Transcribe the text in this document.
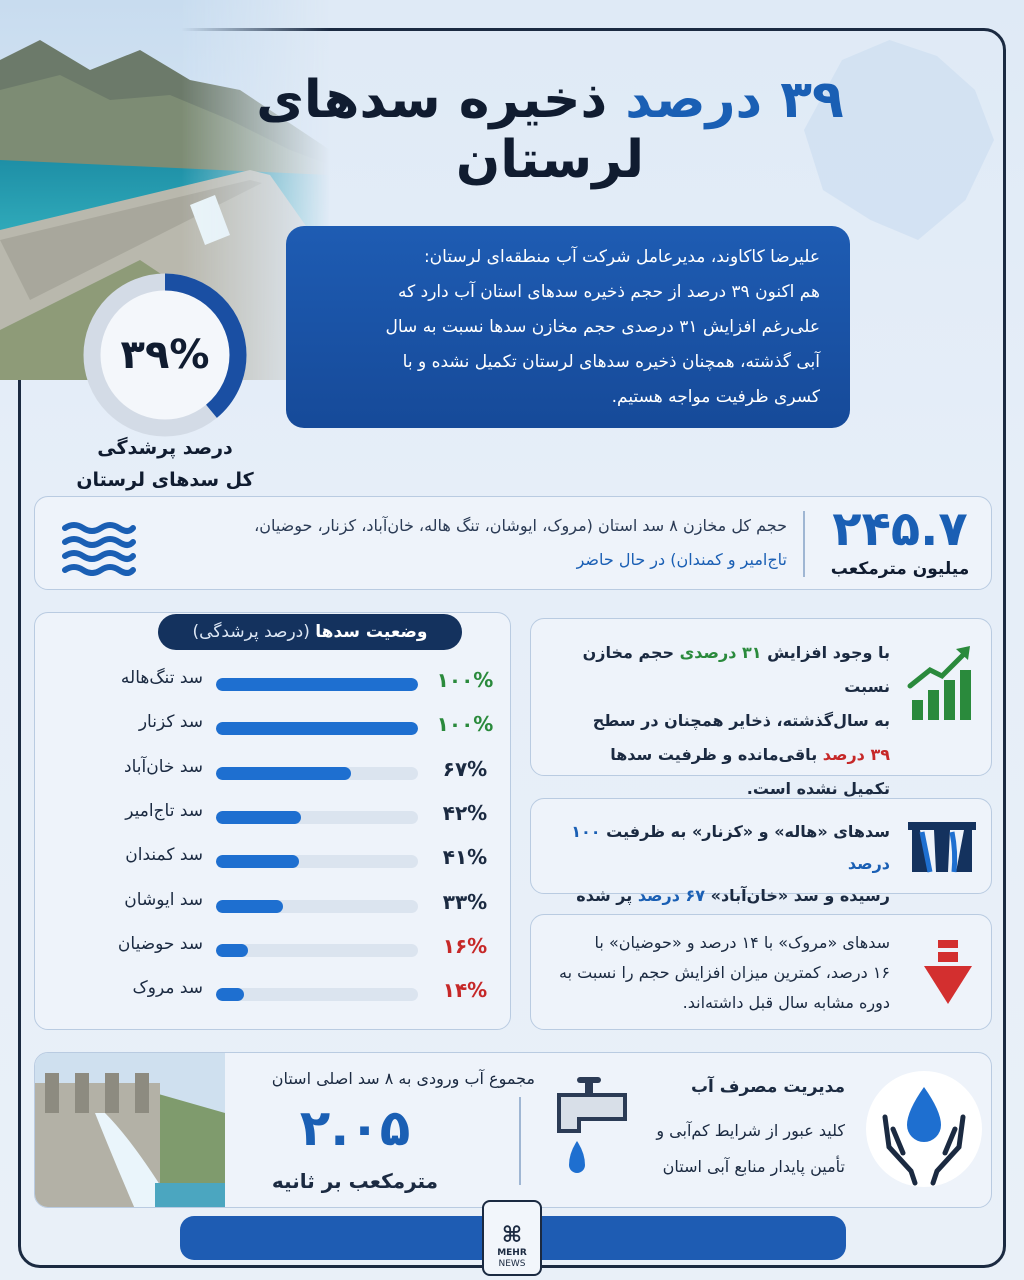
۳۹ درصد ذخیره سدهای لرستان
علیرضا کاکاوند، مدیرعامل شرکت آب منطقه‌ای لرستان:
هم اکنون ۳۹ درصد از حجم ذخیره سدهای استان آب دارد که
علی‌رغم افزایش ۳۱ درصدی حجم مخازن سدها نسبت به سال
آبی گذشته، همچنان ذخیره سدهای لرستان تکمیل نشده و با
کسری ظرفیت مواجه هستیم.
۳۹%
درصد پرشدگی
کل سدهای لرستان
۲۴۵.۷
میلیون مترمکعب
حجم کل مخازن ۸ سد استان (مروک، ایوشان، تنگ هاله، خان‌آباد، کزنار، حوضیان،
تاج‌امیر و کمندان) در حال حاضر
وضعیت سدها (درصد پرشدگی)
۱۰۰%
سد تنگ‌هاله
۱۰۰%
سد کزنار
۶۷%
سد خان‌آباد
۴۲%
سد تاج‌امیر
۴۱%
سد کمندان
۳۳%
سد ایوشان
۱۶%
سد حوضیان
۱۴%
سد مروک
با وجود افزایش ۳۱ درصدی حجم مخازن نسبت
به سال‌گذشته، ذخایر همچنان در سطح
۳۹ درصد باقی‌مانده و ظرفیت سدها
تکمیل نشده است.
سدهای «هاله» و «کزنار» به ظرفیت ۱۰۰ درصد
رسیده و سد «خان‌آباد» ۶۷ درصد پر شده
سدهای «مروک» با ۱۴ درصد و «حوضیان» با
۱۶ درصد، کمترین میزان افزایش حجم را نسبت به
دوره مشابه سال قبل داشته‌اند.
مجموع آب ورودی به ۸ سد اصلی استان
۲.۰۵
مترمکعب بر ثانیه
مدیریت مصرف آب
کلید عبور از شرایط کم‌آبی و
تأمین پایدار منابع آبی استان
⌘
MEHR
NEWS
